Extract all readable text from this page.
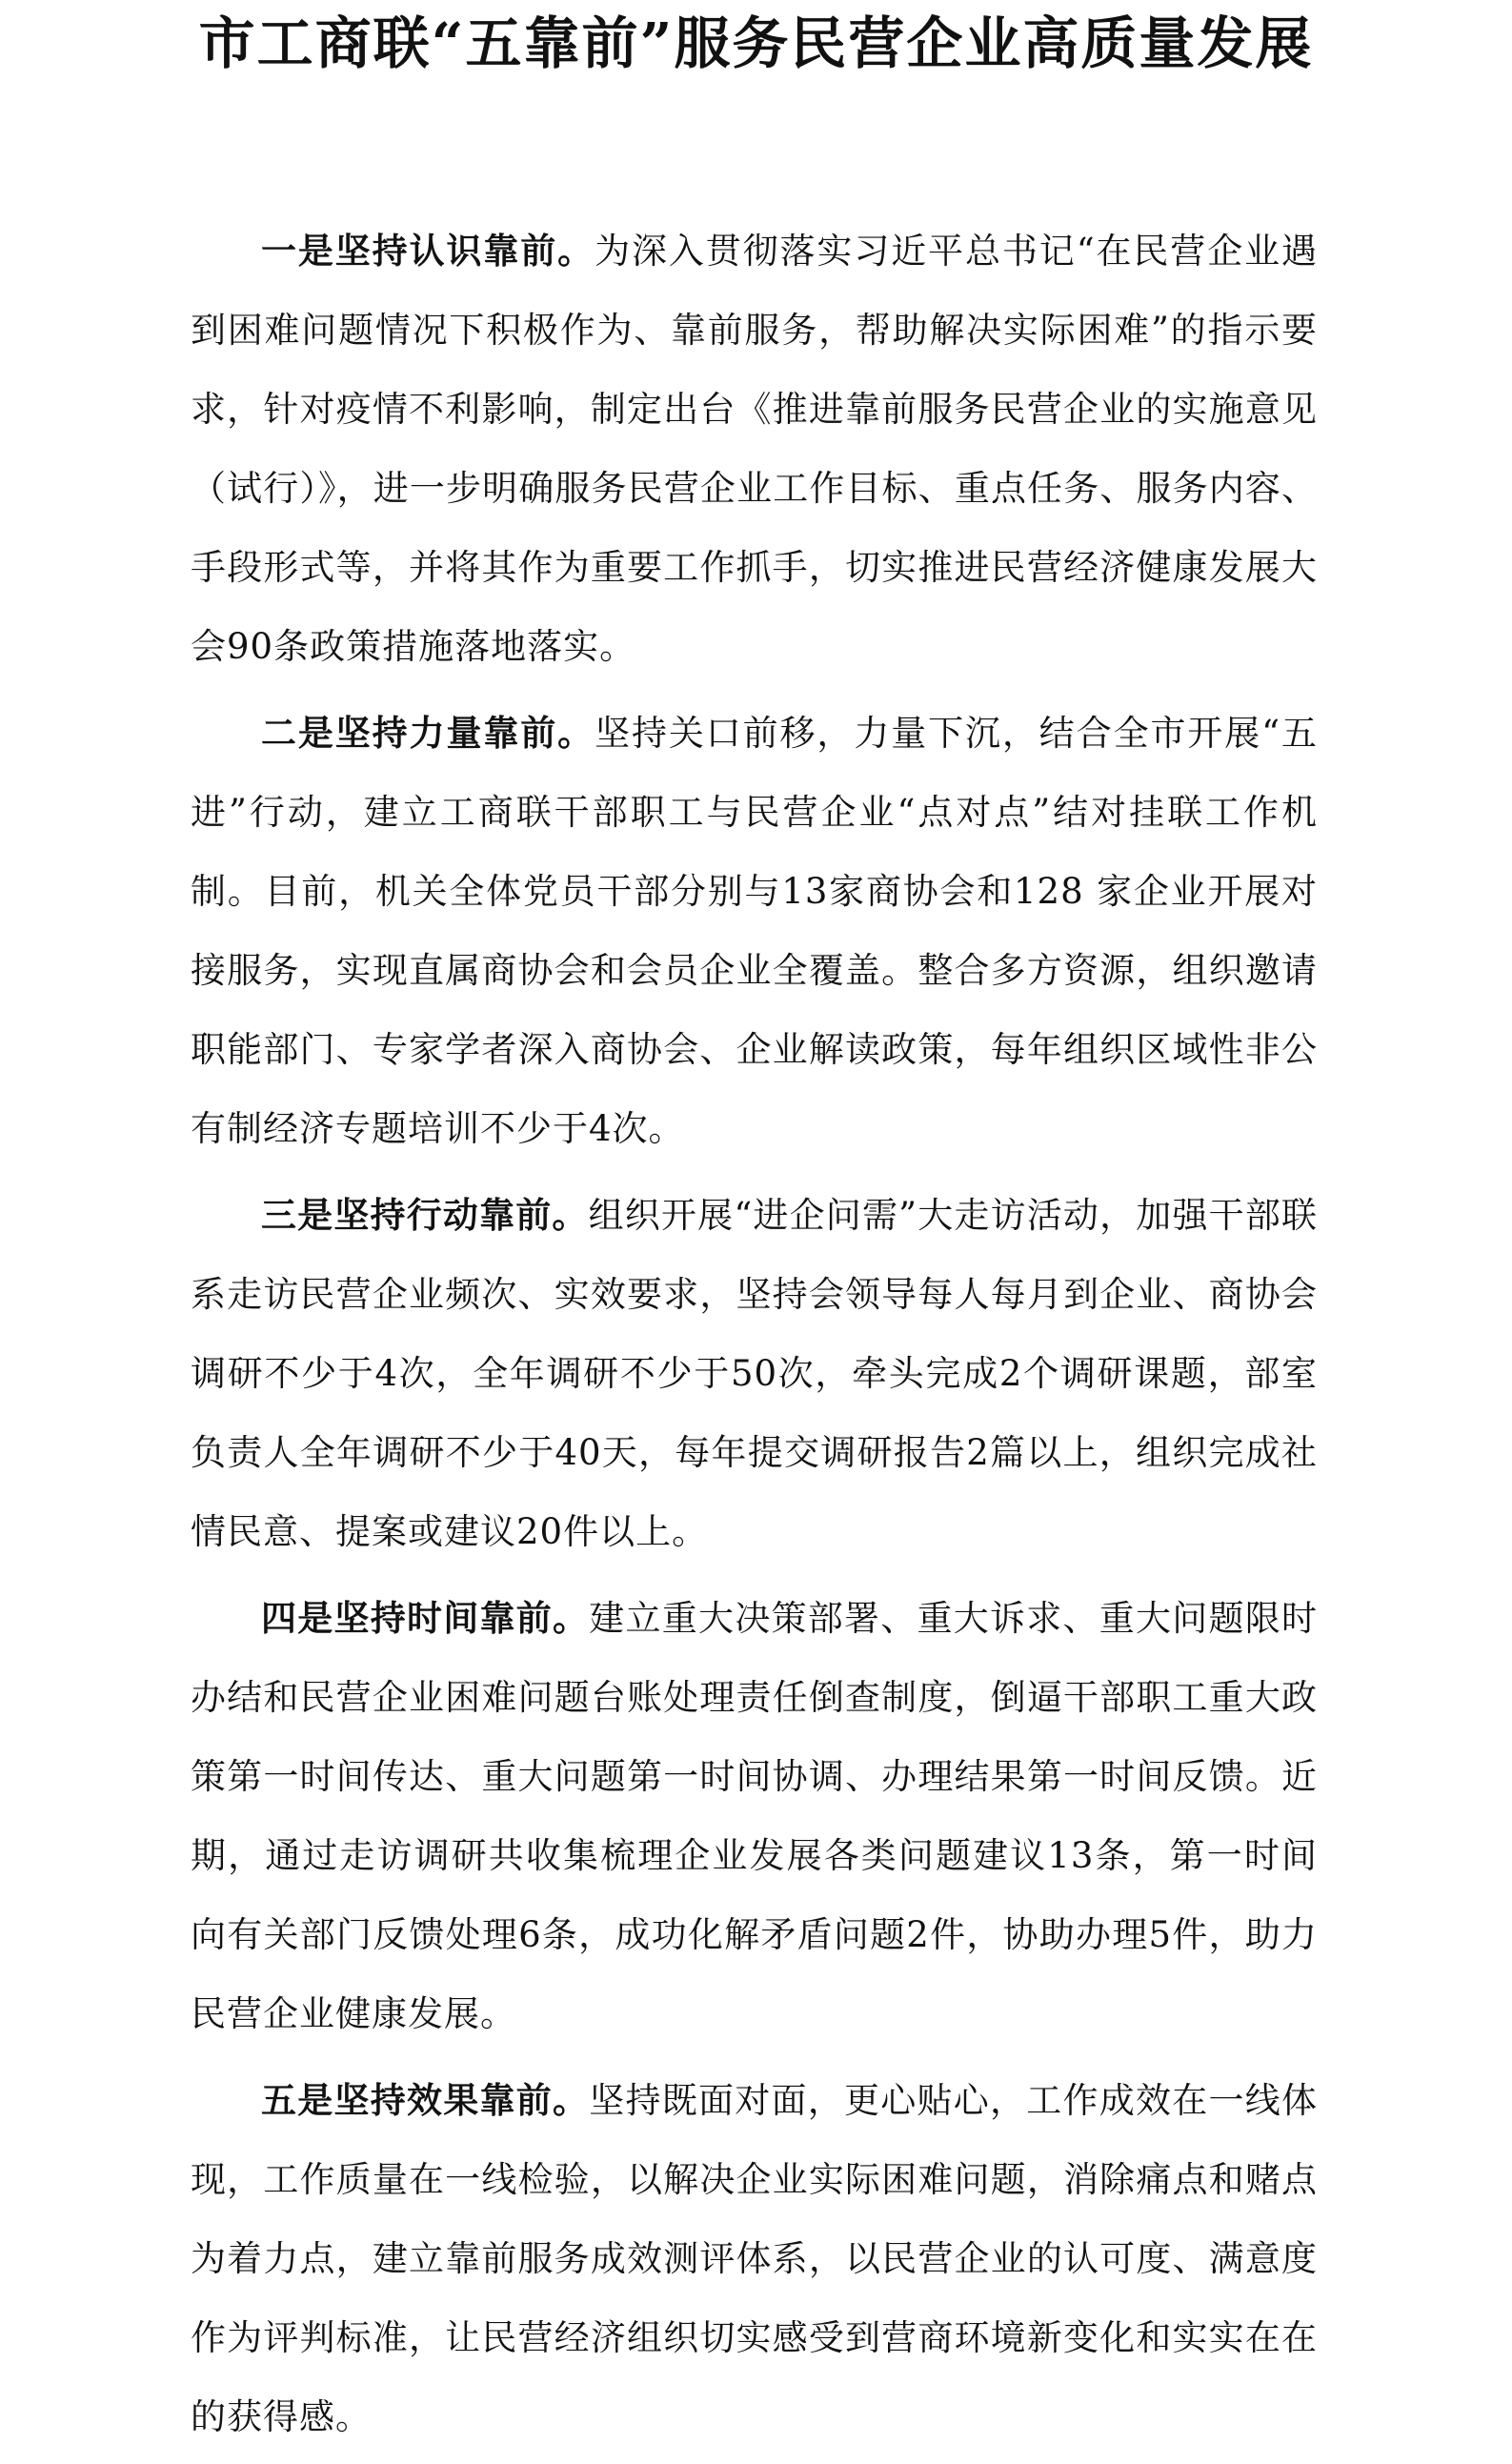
市工商联“五靠前”服务民营企业高质量发展

一是坚持认识靠前。为深入贯彻落实习近平总书记“在民营企业遇到困难问题情况下积极作为、靠前服务，帮助解决实际困难”的指示要求，针对疫情不利影响，制定出台《推进靠前服务民营企业的实施意见（试行）》，进一步明确服务民营企业工作目标、重点任务、服务内容、手段形式等，并将其作为重要工作抓手，切实推进民营经济健康发展大会90条政策措施落地落实。

二是坚持力量靠前。坚持关口前移，力量下沉，结合全市开展“五进”行动，建立工商联干部职工与民营企业“点对点”结对挂联工作机制。目前，机关全体党员干部分别与13家商协会和128 家企业开展对接服务，实现直属商协会和会员企业全覆盖。整合多方资源，组织邀请职能部门、专家学者深入商协会、企业解读政策，每年组织区域性非公有制经济专题培训不少于4次。

三是坚持行动靠前。组织开展“进企问需”大走访活动，加强干部联系走访民营企业频次、实效要求，坚持会领导每人每月到企业、商协会调研不少于4次，全年调研不少于50次，牵头完成2个调研课题，部室负责人全年调研不少于40天，每年提交调研报告2篇以上，组织完成社情民意、提案或建议20件以上。

四是坚持时间靠前。建立重大决策部署、重大诉求、重大问题限时办结和民营企业困难问题台账处理责任倒查制度，倒逼干部职工重大政策第一时间传达、重大问题第一时间协调、办理结果第一时间反馈。近期，通过走访调研共收集梳理企业发展各类问题建议13条，第一时间向有关部门反馈处理6条，成功化解矛盾问题2件，协助办理5件，助力民营企业健康发展。

五是坚持效果靠前。坚持既面对面，更心贴心，工作成效在一线体现，工作质量在一线检验，以解决企业实际困难问题，消除痛点和赌点为着力点，建立靠前服务成效测评体系，以民营企业的认可度、满意度作为评判标准，让民营经济组织切实感受到营商环境新变化和实实在在的获得感。
